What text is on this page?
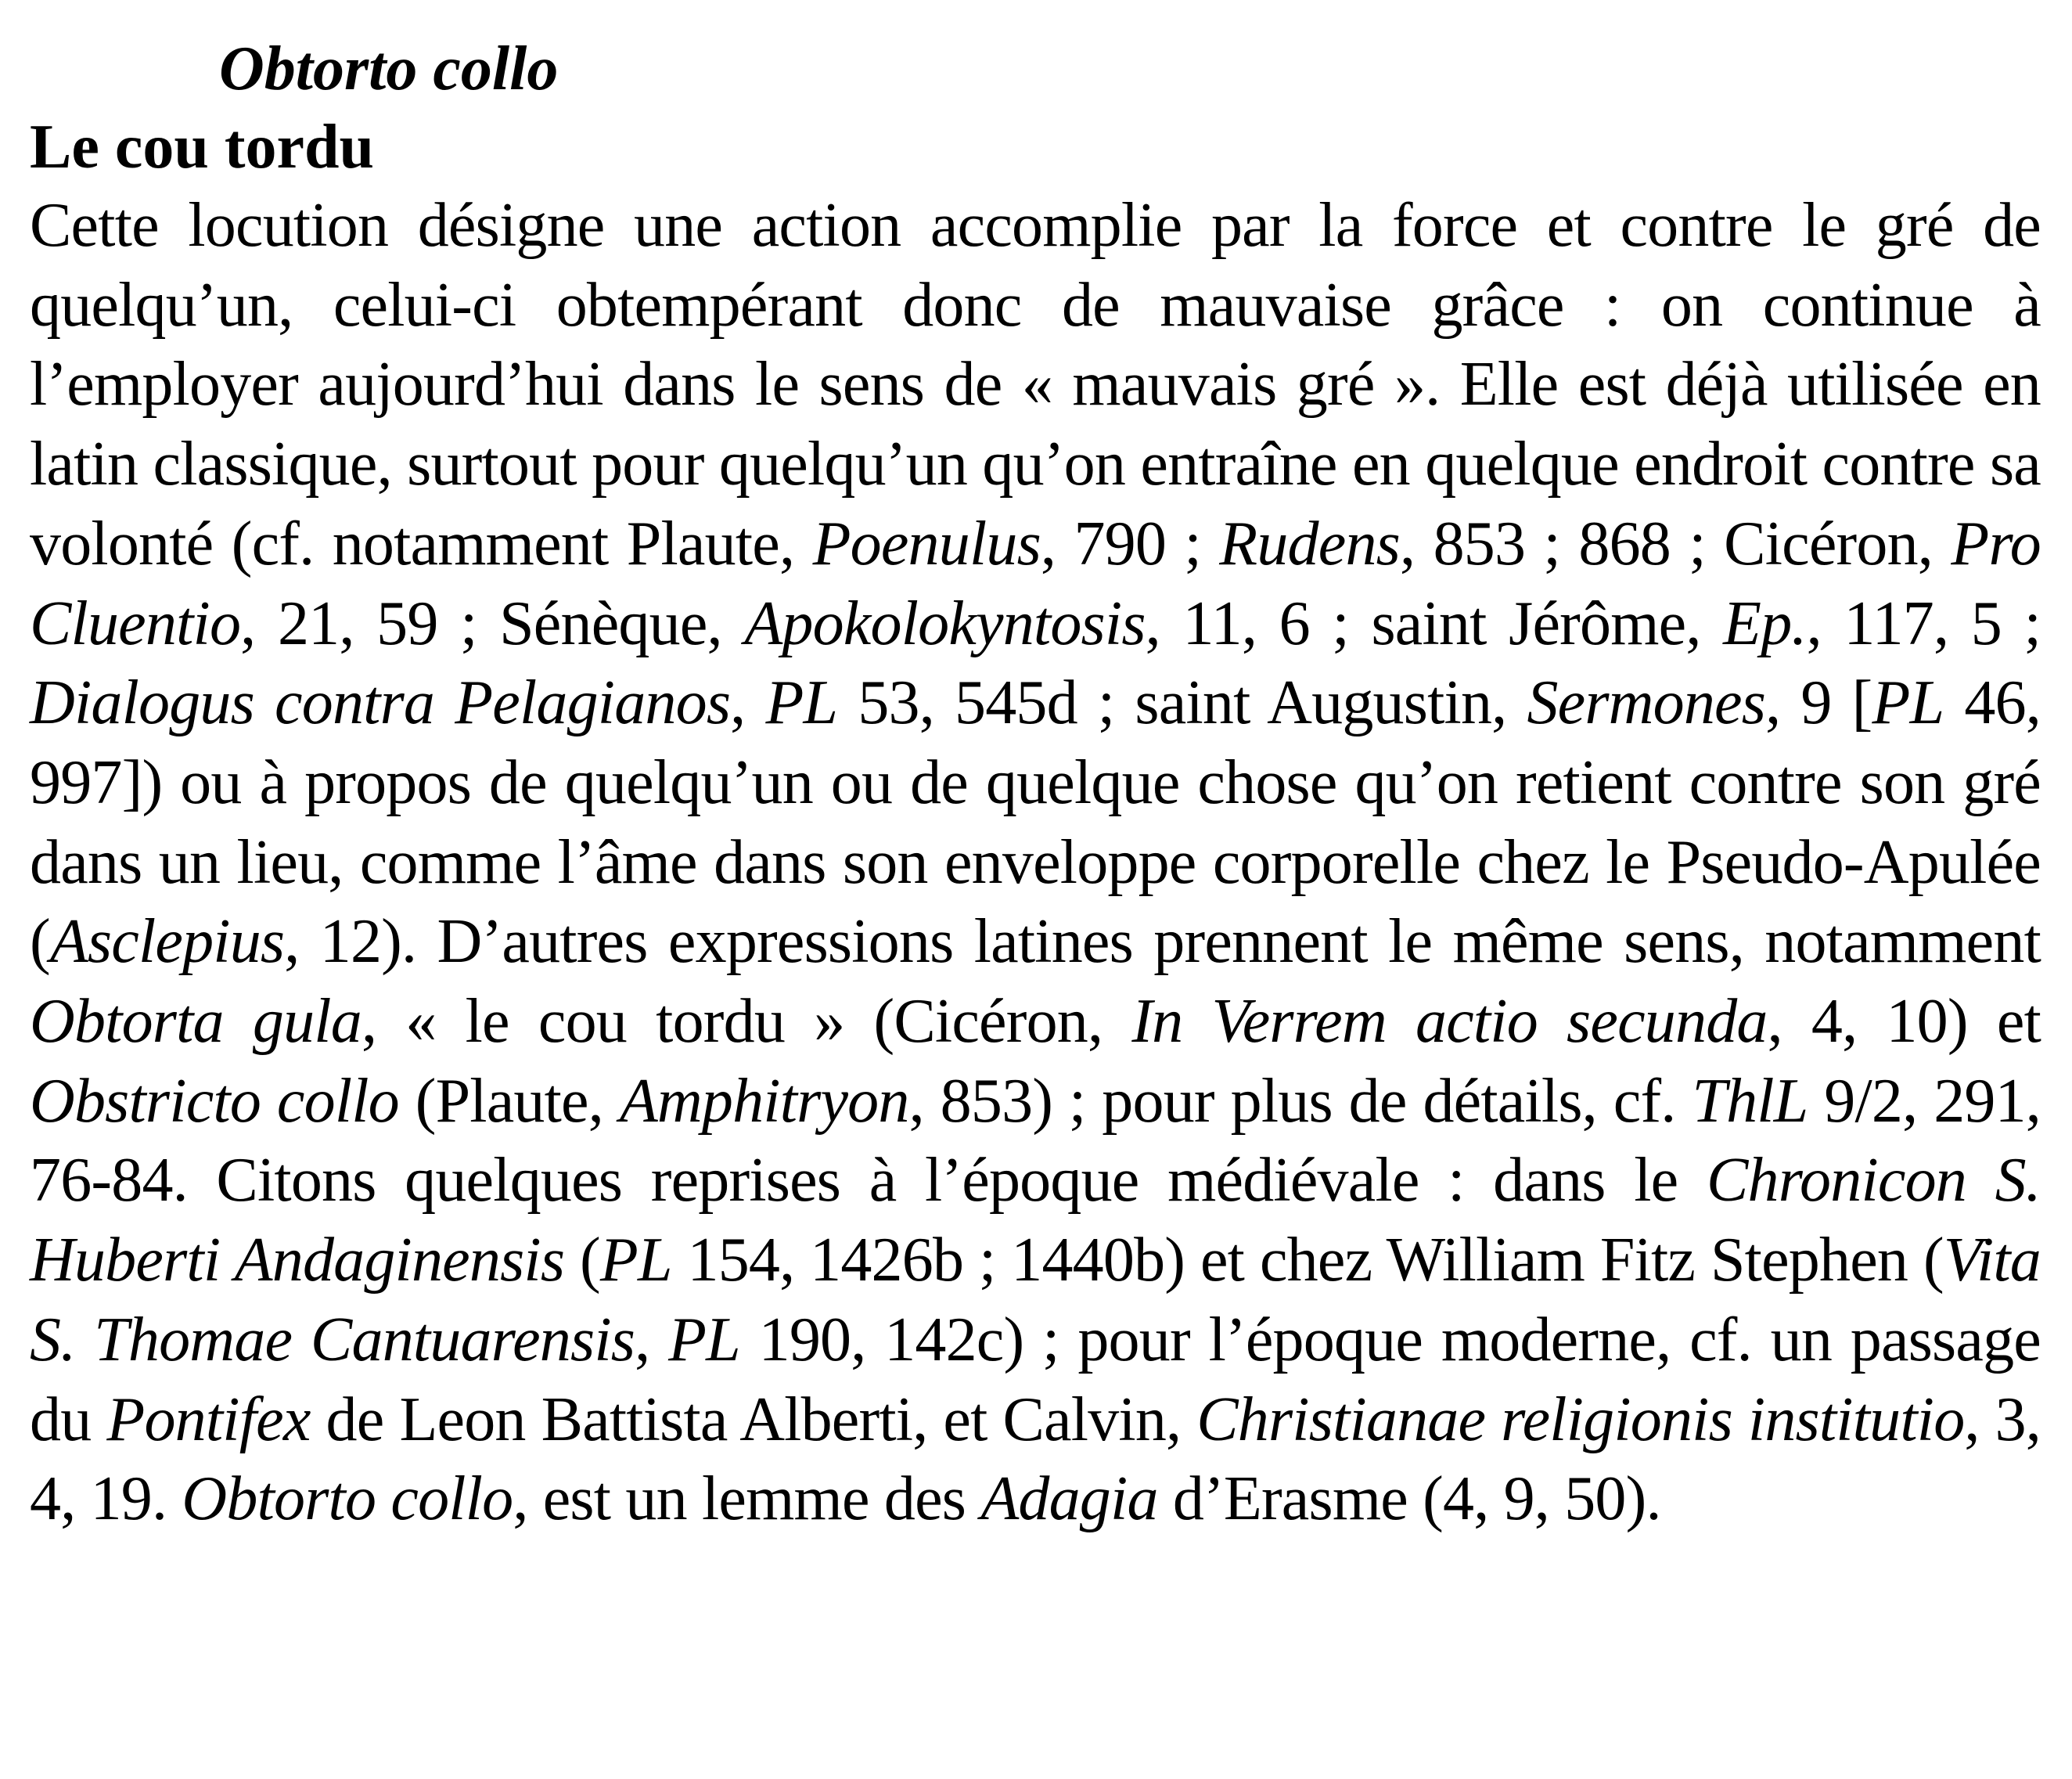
Obtorto collo
Le cou tordu

Cette locution désigne une action accomplie par la force et contre le gré de quelqu’un, celui-ci obtempérant donc de mauvaise grâce : on continue à l’employer aujourd’hui dans le sens de « mauvais gré ». Elle est déjà utilisée en latin classique, surtout pour quelqu’un qu’on entraîne en quelque endroit contre sa volonté (cf. notamment Plaute, Poenulus, 790 ; Rudens, 853 ; 868 ; Cicéron, Pro Cluentio, 21, 59 ; Sénèque, Apokolokyntosis, 11, 6 ; saint Jérôme, Ep., 117, 5 ; Dialogus contra Pelagianos, PL 53, 545d ; saint Augustin, Sermones, 9 [PL 46, 997]) ou à propos de quelqu’un ou de quelque chose qu’on retient contre son gré dans un lieu, comme l’âme dans son enveloppe corporelle chez le Pseudo-Apulée (Asclepius, 12). D’autres expressions latines prennent le même sens, notamment Obtorta gula, « le cou tordu » (Cicéron, In Verrem actio secunda, 4, 10) et Obstricto collo (Plaute, Amphitryon, 853) ; pour plus de détails, cf. ThlL 9/2, 291, 76-84. Citons quelques reprises à l’époque médiévale : dans le Chronicon S. Huberti Andaginensis (PL 154, 1426b ; 1440b) et chez William Fitz Stephen (Vita S. Thomae Cantuarensis, PL 190, 142c) ; pour l’époque moderne, cf. un passage du Pontifex de Leon Battista Alberti, et Calvin, Christianae religionis institutio, 3, 4, 19. Obtorto collo, est un lemme des Adagia d’Erasme (4, 9, 50).
